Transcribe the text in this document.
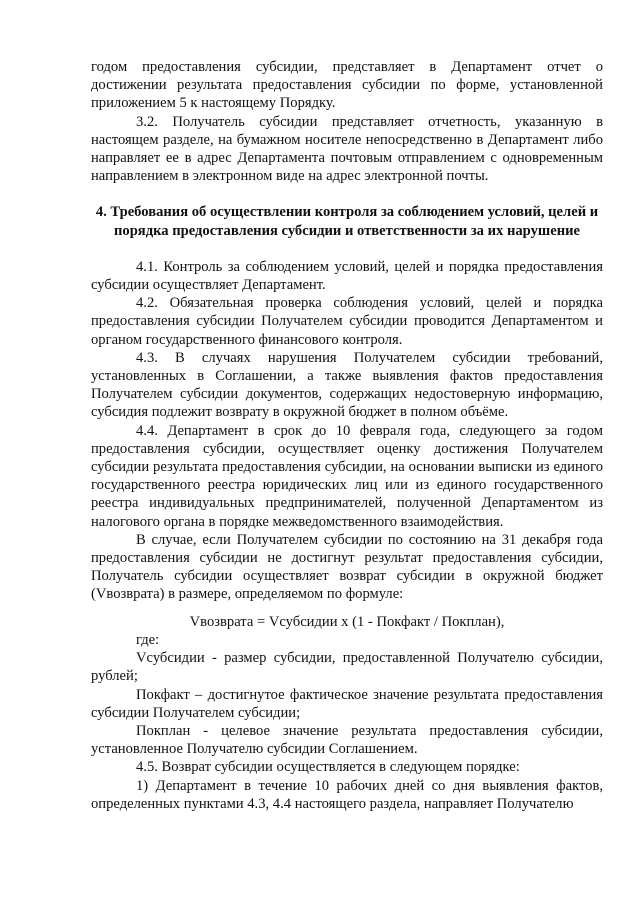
годом предоставления субсидии, представляет в Департамент отчет о достижении результата предоставления субсидии по форме, установленной приложением 5 к настоящему Порядку.

3.2. Получатель субсидии представляет отчетность, указанную в настоящем разделе, на бумажном носителе непосредственно в Департамент либо направляет ее в адрес Департамента почтовым отправлением с одновременным направлением в электронном виде на адрес электронной почты.

4. Требования об осуществлении контроля за соблюдением условий, целей и порядка предоставления субсидии и ответственности за их нарушение

4.1. Контроль за соблюдением условий, целей и порядка предоставления субсидии осуществляет Департамент.

4.2. Обязательная проверка соблюдения условий, целей и порядка предоставления субсидии Получателем субсидии проводится Департаментом и органом государственного финансового контроля.

4.3. В случаях нарушения Получателем субсидии требований, установленных в Соглашении, а также выявления фактов предоставления Получателем субсидии документов, содержащих недостоверную информацию, субсидия подлежит возврату в окружной бюджет в полном объёме.

4.4. Департамент в срок до 10 февраля года, следующего за годом предоставления субсидии, осуществляет оценку достижения Получателем субсидии результата предоставления субсидии, на основании выписки из единого государственного реестра юридических лиц или из единого государственного реестра индивидуальных предпринимателей, полученной Департаментом из налогового органа в порядке межведомственного взаимодействия.

В случае, если Получателем субсидии по состоянию на 31 декабря года предоставления субсидии не достигнут результат предоставления субсидии, Получатель субсидии осуществляет возврат субсидии в окружной бюджет (Vвозврата) в размере, определяемом по формуле:

Vвозврата = Vсубсидии х (1 - Покфакт / Покплан),

где:

Vсубсидии - размер субсидии, предоставленной Получателю субсидии, рублей;

Покфакт – достигнутое фактическое значение результата предоставления субсидии Получателем субсидии;

Покплан - целевое значение результата предоставления субсидии, установленное Получателю субсидии Соглашением.

4.5. Возврат субсидии осуществляется в следующем порядке:

1) Департамент в течение 10 рабочих дней со дня выявления фактов, определенных пунктами 4.3, 4.4 настоящего раздела, направляет Получателю
